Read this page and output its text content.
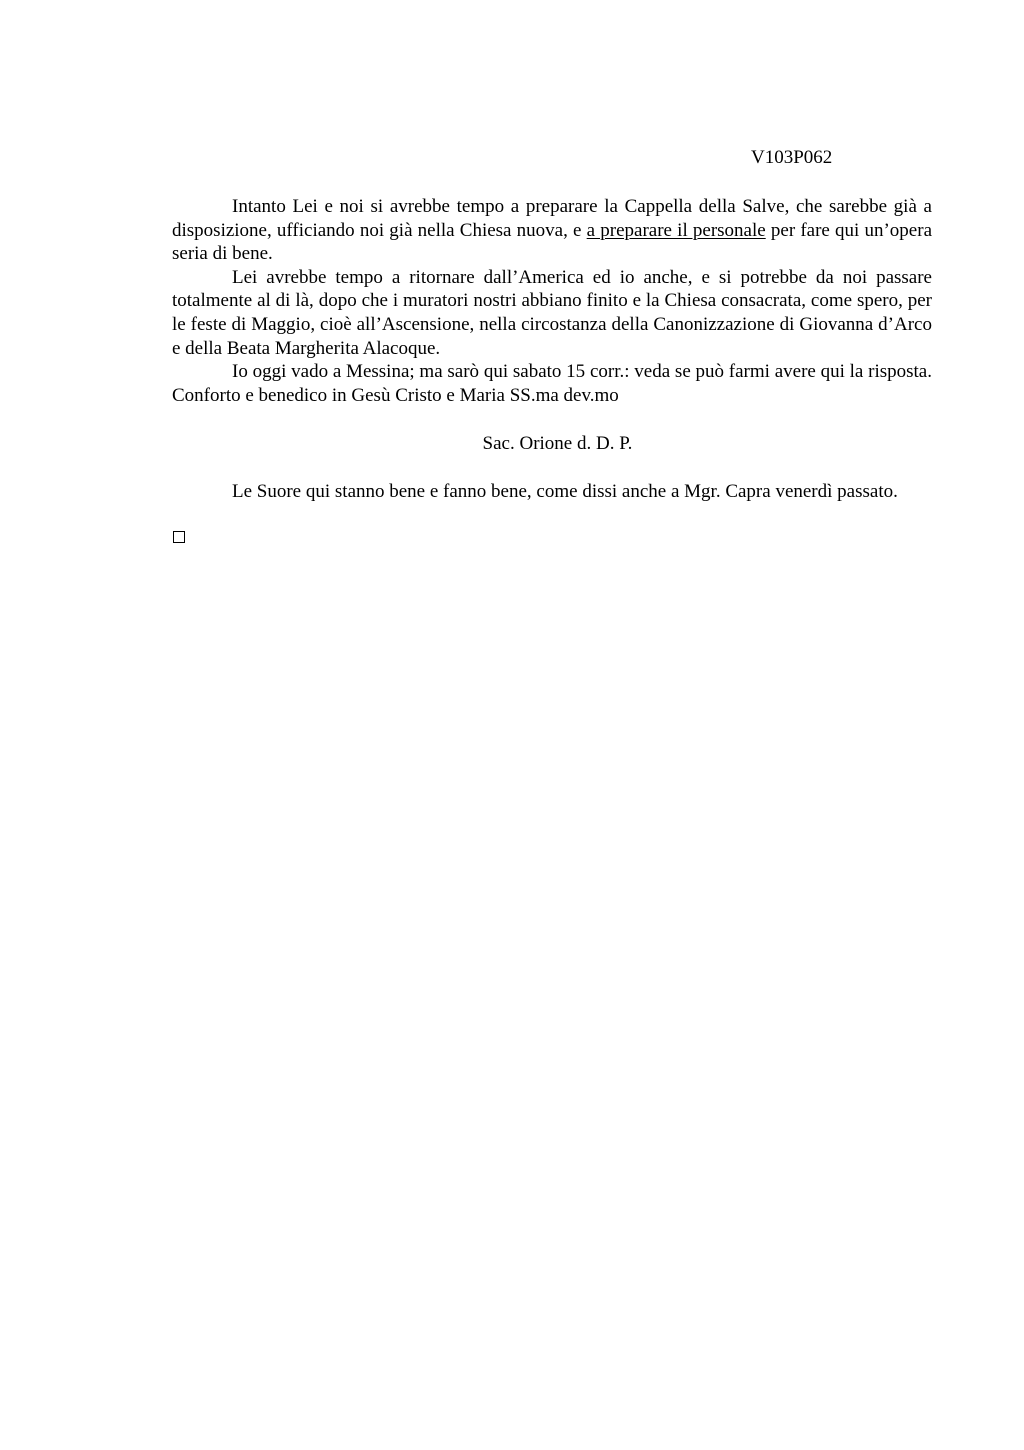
V103P062

Intanto Lei e noi si avrebbe tempo a preparare la Cappella della Salve, che sarebbe già a disposizione, ufficiando noi già nella Chiesa nuova, e a preparare il personale per fare qui un’opera seria di bene.

Lei avrebbe tempo a ritornare dall’America ed io anche, e si potrebbe da noi passare totalmente al di là, dopo che i muratori nostri abbiano finito e la Chiesa consacrata, come spero, per le feste di Maggio, cioè all’Ascensione, nella circostanza della Canonizzazione di Giovanna d’Arco e della Beata Margherita Alacoque.

Io oggi vado a Messina; ma sarò qui sabato 15 corr.: veda se può farmi avere qui la risposta. Conforto e benedico in Gesù Cristo e Maria SS.ma dev.mo

Sac. Orione d. D. P.

Le Suore qui stanno bene e fanno bene, come dissi anche a Mgr. Capra venerdì passato.
